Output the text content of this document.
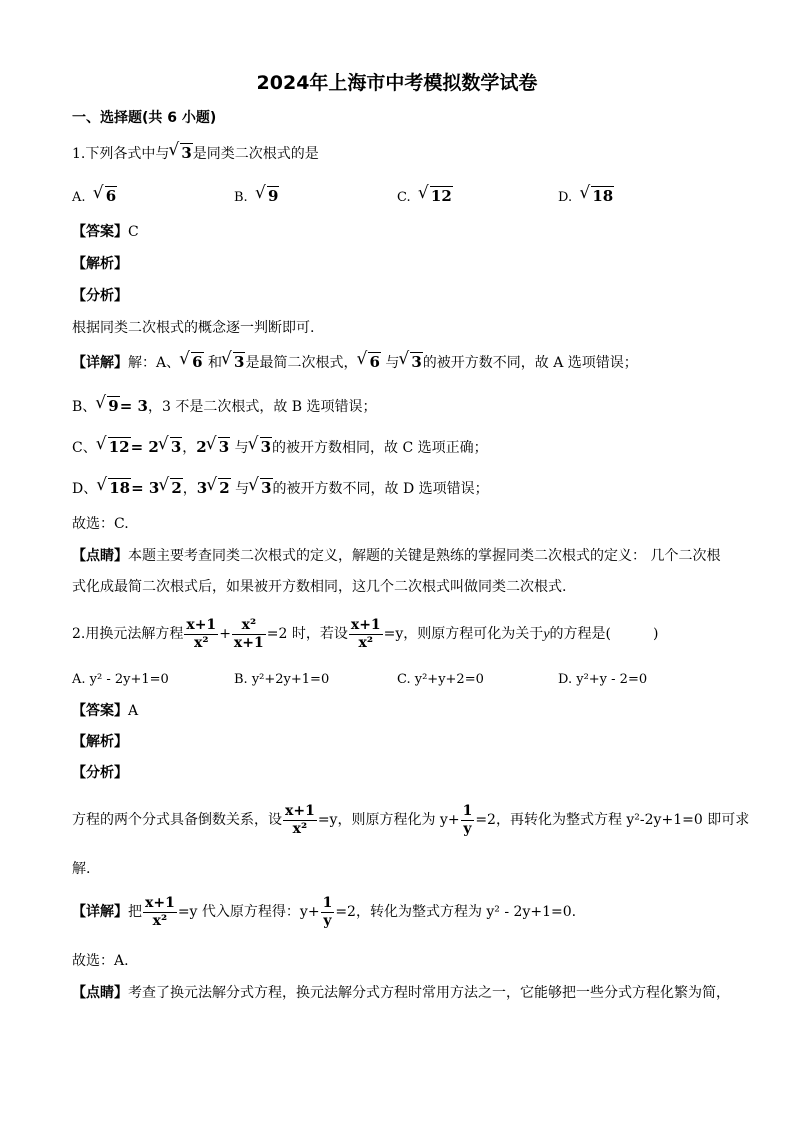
2024年上海市中考模拟数学试卷
一、选择题(共 6 小题)
1.下列各式中与 √ 3是同类二次根式的是
A. √ 6	B. √ 9	C. √ 12	D. √ 18
【答案】C
【解析】
【分析】
根据同类二次根式的概念逐一判断即可.
【详解】解：A、 √ 6 和 √ 3是最简二次根式， √ 6 与 √ 3的被开方数不同，故 A 选项错误；
B、 √ 9= 3，3 不是二次根式，故 B 选项错误；
C、 √ 12= 2 √ 3，2 √ 3 与 √ 3的被开方数相同，故 C 选项正确；
D、 √ 18= 3 √ 2，3 √ 2 与 √ 3的被开方数不同，故 D 选项错误；
故选：C.
【点睛】本题主要考查同类二次根式的定义，解题的关键是熟练的掌握同类二次根式的定义： 几个二次根
式化成最简二次根式后，如果被开方数相同，这几个二次根式叫做同类二次根式.
2.用换元法解方程 $\frac{x+1}{\text{x²}} + \frac{\text{x²}}{x+1} =2$ 时，若设 $\frac{x+1}{\text{x²}} =y$，则原方程可化为关于y的方程是(　　　)
A. y² - 2y+1=0	B. y²+2y+1=0	C. y²+y+2=0	D. y²+y - 2=0
【答案】A
【解析】
【分析】
方程的两个分式具备倒数关系，设 $\frac{x+1}{\text{x²}} =y$，则原方程化为 $y+ \frac{1}{y} =2$，再转化为整式方程 y²-2y+1=0 即可求
解.
【详解】把 $\frac{x+1}{\text{x²}} =y$ 代入原方程得：$y+ \frac{1}{y} =2$，转化为整式方程为 y² - 2y+1=0.
故选：A.
【点睛】考查了换元法解分式方程，换元法解分式方程时常用方法之一，它能够把一些分式方程化繁为简，
